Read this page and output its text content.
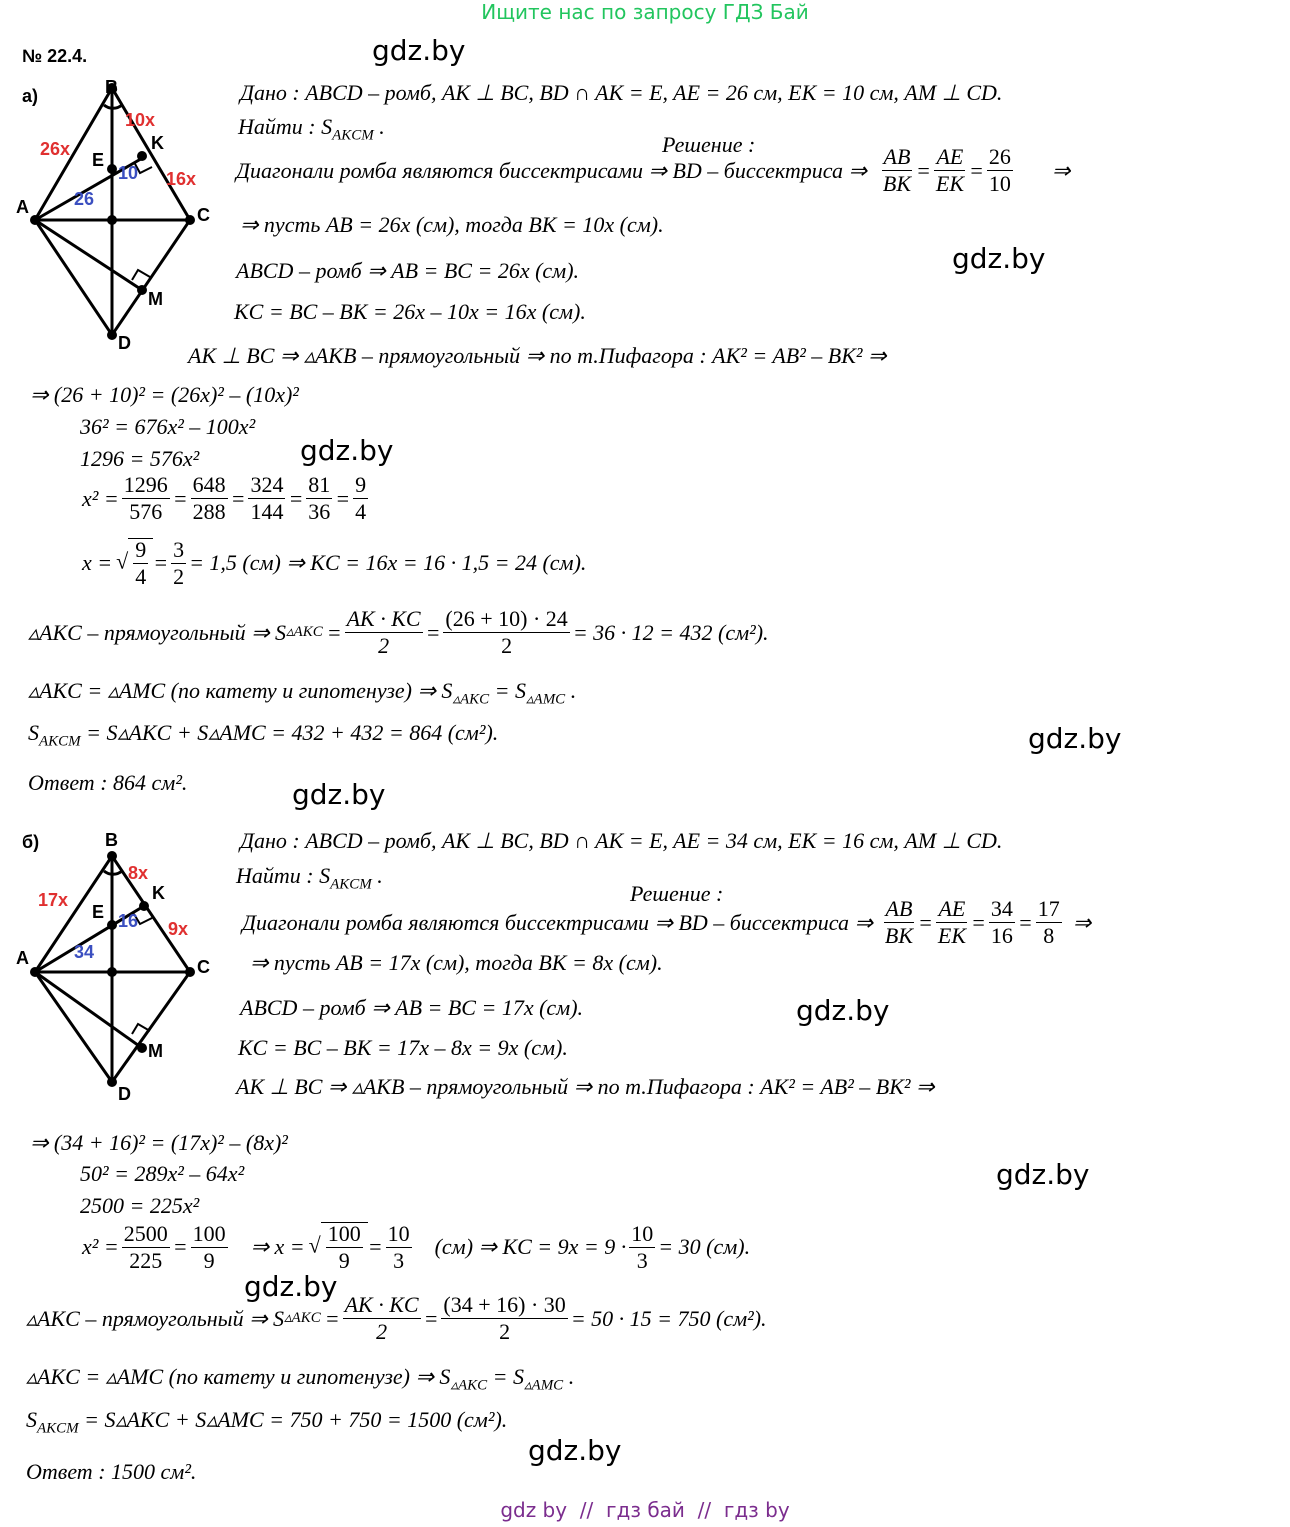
Ищите нас по запросу ГДЗ Бай
№ 22.4.
а)	B
A	C
D
E
K
M
26x
10x
16x
26
10
Дано : ABCD – ромб, AK ⊥ BC, BD ∩ AK = E, AE = 26 см, EK = 10 см, AM ⊥ CD.
Найти : $S_{AKCM}$ .
Решение :
Диагонали ромба являются биссектрисами ⇒ BD – биссектриса ⇒ $\frac{AB}{BK} = \frac{AE}{EK} = \frac{26}{10}$ ⇒
⇒ пусть AB = 26x (см), тогда BK = 10x (см).
ABCD – ромб ⇒ AB = BC = 26x (см).
KC = BC – BK = 26x – 10x = 16x (см).
AK ⊥ BC ⇒ ▵AKB – прямоугольный ⇒ по т.Пифагора : AK² = AB² – BK² ⇒
⇒ (26 + 10)² = (26x)² – (10x)²
36² = 676x² – 100x²
1296 = 576x²
$x^2 = \frac{1296}{576} = \frac{648}{288} = \frac{324}{144} = \frac{81}{36} = \frac{9}{4}$
x = √ $\frac{9}{4} = \frac{3}{2} = 1,5$ (см) ⇒ KC = 16x = 16 · 1,5 = 24 (см).
▵AKC – прямоугольный ⇒ S ▵AKC = $\frac{AK \cdot KC}{2} = \frac{(26 + 10) \cdot 24}{2} = 36 \cdot 12 = 432$ (см²).
▵AKC = ▵AMC (по катету и гипотенузе) ⇒ $S_{▵AKC} = S_{▵AMC}$ .
$S_{AKCM}$ = S▵AKC + S▵AMC = 432 + 432 = 864 (см²).
Ответ : 864 см².
б)	B
A	C
D
E
K
M
17x
8x
9x
34
16
Дано : ABCD – ромб, AK ⊥ BC, BD ∩ AK = E, AE = 34 см, EK = 16 см, AM ⊥ CD.
Найти : $S_{AKCM}$ .
Решение :
Диагонали ромба являются биссектрисами ⇒ BD – биссектриса ⇒ $\frac{AB}{BK} = \frac{AE}{EK} = \frac{34}{16} = \frac{17}{8}$ ⇒
⇒ пусть AB = 17x (см), тогда BK = 8x (см).
ABCD – ромб ⇒ AB = BC = 17x (см).
KC = BC – BK = 17x – 8x = 9x (см).
AK ⊥ BC ⇒ ▵AKB – прямоугольный ⇒ по т.Пифагора : AK² = AB² – BK² ⇒
⇒ (34 + 16)² = (17x)² – (8x)²
50² = 289x² – 64x²
2500 = 225x²
$x^2 = \frac{2500}{225} = \frac{100}{9}$ ⇒ x = √ $\frac{100}{9} = \frac{10}{3} (см)$ ⇒ KC = $9x = 9 \cdot \frac{10}{3} = 30$ (см).
▵AKC – прямоугольный ⇒ S ▵AKC = $\frac{AK \cdot KC}{2} = \frac{(34 + 16) \cdot 30}{2} = 50 \cdot 15 = 750$ (см²).
▵AKC = ▵AMC (по катету и гипотенузе) ⇒ $S_{▵AKC} = S_{▵AMC}$ .
$S_{AKCM}$ = S▵AKC + S▵AMC = 750 + 750 = 1500 (см²).
Ответ : 1500 см².
gdz.by
gdz.by
gdz.by
gdz.by
gdz.by
gdz.by
gdz.by
gdz.by
gdz.by
gdz by  //  гдз бай  //  гдз by
